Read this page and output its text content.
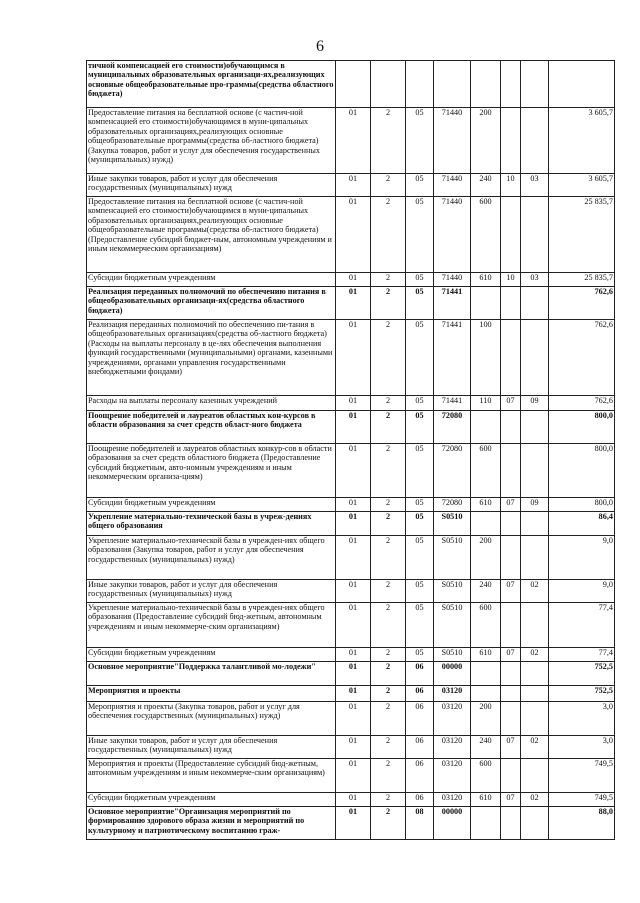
6
тичной компенсацией его стоимости)обучающимся в муниципальных образовательных организаци-ях,реализующих основные общеобразовательные про-граммы(средства областного бюджета)								
Предоставление питания на бесплатной основе (с частич-ной компенсацией его стоимости)обучающимся в муни-ципальных образовательных организациях,реализующих основные общеобразовательные программы(средства об-ластного бюджета) (Закупка товаров, работ и услуг для обеспечения государственных (муниципальных) нужд)	01	2	05	71440	200			3 605,7
Иные закупки товаров, работ и услуг для обеспечения государственных (муниципальных) нужд	01	2	05	71440	240	10	03	3 605,7
Предоставление питания на бесплатной основе (с частич-ной компенсацией его стоимости)обучающимся в муни-ципальных образовательных организациях,реализующих основные общеобразовательные программы(средства об-ластного бюджета) (Предоставление субсидий бюджет-ным, автономным учреждениям и иным некоммерческим организациям)	01	2	05	71440	600			25 835,7
Субсидии бюджетным учреждениям	01	2	05	71440	610	10	03	25 835,7
Реализация переданных полномочий по обеспечению питания в общеобразовательных организаци-ях(средства областного бюджета)	01	2	05	71441				762,6
Реализация переданных полномочий по обеспечению пи-тания в общеобразовательных организациях(средства об-ластного бюджета) (Расходы на выплаты персоналу в це-лях обеспечения выполнения функций государственными (муниципальными) органами, казенными учреждениями, органами управления государственными внебюджетными фондами)	01	2	05	71441	100			762,6
Расходы на выплаты персоналу казенных учреждений	01	2	05	71441	110	07	09	762,6
Поощрение победителей и лауреатов областных кон-курсов в области образования за счет средств област-ного бюджета	01	2	05	72080				800,0
Поощрение победителей и лауреатов областных конкур-сов в области образования за счет средств областного бюджета (Предоставление субсидий бюджетным, авто-номным учреждениям и иным некоммерческим организа-циям)	01	2	05	72080	600			800,0
Субсидии бюджетным учреждениям	01	2	05	72080	610	07	09	800,0
Укрепление материально-технической базы в учреж-дениях общего образования	01	2	05	S0510				86,4
Укрепление материально-технической базы в учрежден-иях общего образования (Закупка товаров, работ и услуг для обеспечения государственных (муниципальных) нужд)	01	2	05	S0510	200			9,0
Иные закупки товаров, работ и услуг для обеспечения государственных (муниципальных) нужд	01	2	05	S0510	240	07	02	9,0
Укрепление материально-технической базы в учрежден-иях общего образования (Предоставление субсидий бюд-жетным, автономным учреждениям и иным некоммерче-ским организациям)	01	2	05	S0510	600			77,4
Субсидии бюджетным учреждениям	01	2	05	S0510	610	07	02	77,4
Основное мероприятие"Поддержка талантливой мо-лодежи"	01	2	06	00000				752,5
Мероприятия и проекты	01	2	06	03120				752,5
Мероприятия и проекты (Закупка товаров, работ и услуг для обеспечения государственных (муниципальных) нужд)	01	2	06	03120	200			3,0
Иные закупки товаров, работ и услуг для обеспечения государственных (муниципальных) нужд	01	2	06	03120	240	07	02	3,0
Мероприятия и проекты (Предоставление субсидий бюд-жетным, автономным учреждениям и иным некоммерче-ским организациям)	01	2	06	03120	600			749,5
Субсидии бюджетным учреждениям	01	2	06	03120	610	07	02	749,5
Основное мероприятие"Организация мероприятий по формированию здорового образа жизни и мероприятий по культурному и патриотическому воспитанию граж-	01	2	08	00000				88,0
